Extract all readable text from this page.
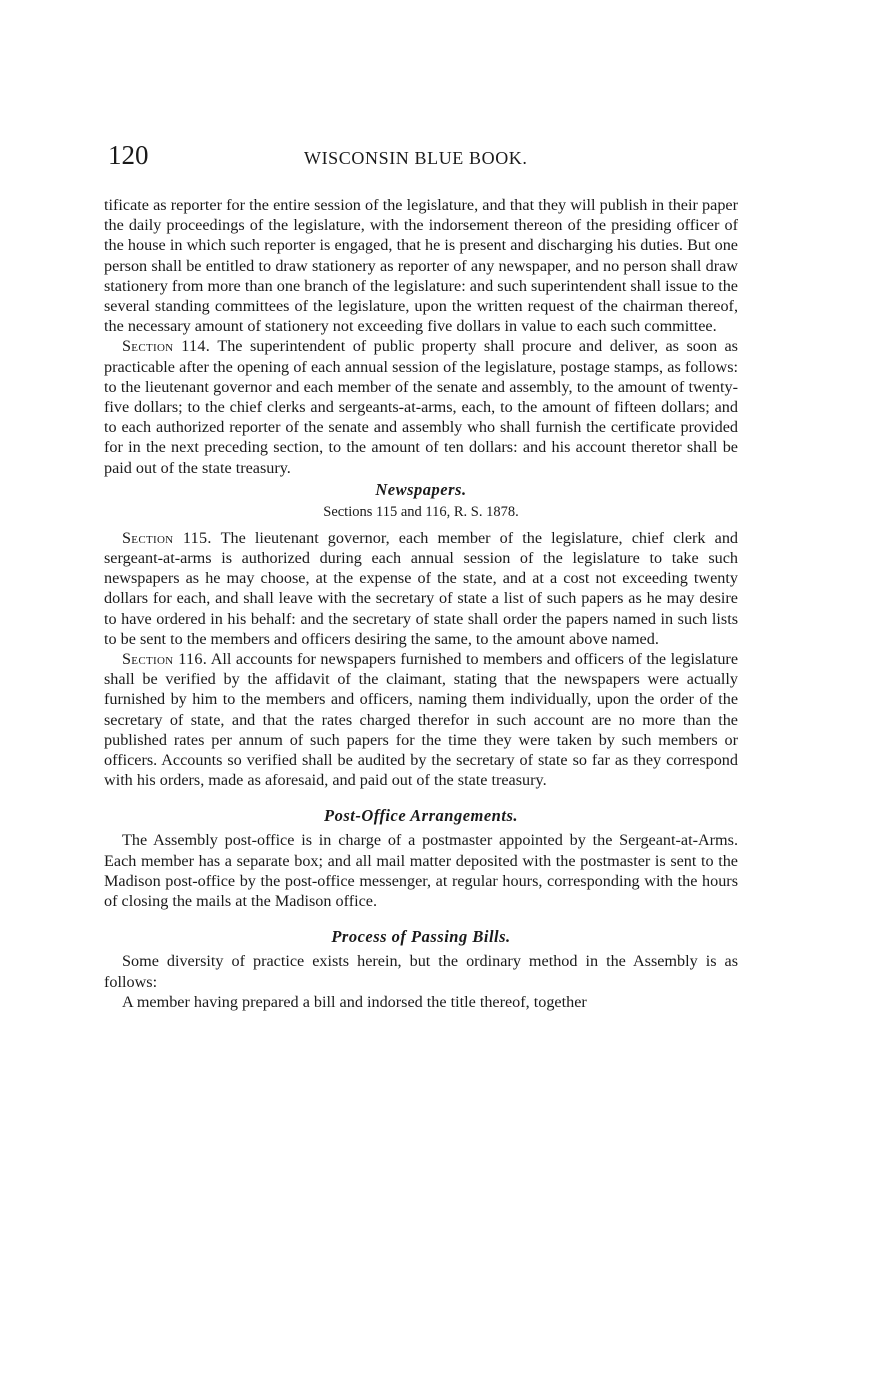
120	WISCONSIN BLUE BOOK.

tificate as reporter for the entire session of the legislature, and that they will publish in their paper the daily proceedings of the legislature, with the indorsement thereon of the presiding officer of the house in which such reporter is engaged, that he is present and discharging his duties. But one person shall be entitled to draw stationery as reporter of any newspaper, and no person shall draw stationery from more than one branch of the legislature: and such superintendent shall issue to the several standing committees of the legislature, upon the written request of the chairman thereof, the necessary amount of stationery not exceeding five dollars in value to each such committee.

Section 114. The superintendent of public property shall procure and deliver, as soon as practicable after the opening of each annual session of the legislature, postage stamps, as follows: to the lieutenant governor and each member of the senate and assembly, to the amount of twenty-five dollars; to the chief clerks and sergeants-at-arms, each, to the amount of fifteen dollars; and to each authorized reporter of the senate and assembly who shall furnish the certificate provided for in the next preceding section, to the amount of ten dollars: and his account theretor shall be paid out of the state treasury.

Newspapers.
Sections 115 and 116, R. S. 1878.

Section 115. The lieutenant governor, each member of the legislature, chief clerk and sergeant-at-arms is authorized during each annual session of the legislature to take such newspapers as he may choose, at the expense of the state, and at a cost not exceeding twenty dollars for each, and shall leave with the secretary of state a list of such papers as he may desire to have ordered in his behalf: and the secretary of state shall order the papers named in such lists to be sent to the members and officers desiring the same, to the amount above named.

Section 116. All accounts for newspapers furnished to members and officers of the legislature shall be verified by the affidavit of the claimant, stating that the newspapers were actually furnished by him to the members and officers, naming them individually, upon the order of the secretary of state, and that the rates charged therefor in such account are no more than the published rates per annum of such papers for the time they were taken by such members or officers. Accounts so verified shall be audited by the secretary of state so far as they correspond with his orders, made as aforesaid, and paid out of the state treasury.

Post-Office Arrangements.

The Assembly post-office is in charge of a postmaster appointed by the Sergeant-at-Arms. Each member has a separate box; and all mail matter deposited with the postmaster is sent to the Madison post-office by the post-office messenger, at regular hours, corresponding with the hours of closing the mails at the Madison office.

Process of Passing Bills.

Some diversity of practice exists herein, but the ordinary method in the Assembly is as follows:

A member having prepared a bill and indorsed the title thereof, together
